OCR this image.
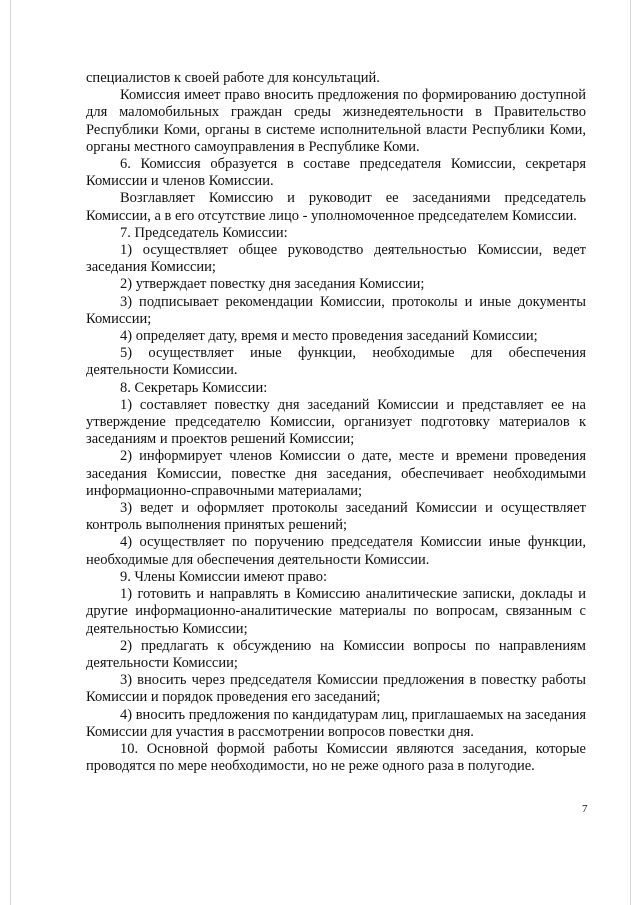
специалистов к своей работе для консультаций.

Комиссия имеет право вносить предложения по формированию доступной для маломобильных граждан среды жизнедеятельности в Правительство Республики Коми, органы в системе исполнительной власти Республики Коми, органы местного самоуправления в Республике Коми.

6. Комиссия образуется в составе председателя Комиссии, секретаря Комиссии и членов Комиссии.

Возглавляет Комиссию и руководит ее заседаниями председатель Комиссии, а в его отсутствие лицо - уполномоченное председателем Комиссии.

7. Председатель Комиссии:

1) осуществляет общее руководство деятельностью Комиссии, ведет заседания Комиссии;

2) утверждает повестку дня заседания Комиссии;

3) подписывает рекомендации Комиссии, протоколы и иные документы Комиссии;

4) определяет дату, время и место проведения заседаний Комиссии;

5) осуществляет иные функции, необходимые для обеспечения деятельности Комиссии.

8. Секретарь Комиссии:

1) составляет повестку дня заседаний Комиссии и представляет ее на утверждение председателю Комиссии, организует подготовку материалов к заседаниям и проектов решений Комиссии;

2) информирует членов Комиссии о дате, месте и времени проведения заседания Комиссии, повестке дня заседания, обеспечивает необходимыми информационно-справочными материалами;

3) ведет и оформляет протоколы заседаний Комиссии и осуществляет контроль выполнения принятых решений;

4) осуществляет по поручению председателя Комиссии иные функции, необходимые для обеспечения деятельности Комиссии.

9. Члены Комиссии имеют право:

1) готовить и направлять в Комиссию аналитические записки, доклады и другие информационно-аналитические материалы по вопросам, связанным с деятельностью Комиссии;

2) предлагать к обсуждению на Комиссии вопросы по направлениям деятельности Комиссии;

3) вносить через председателя Комиссии предложения в повестку работы Комиссии и порядок проведения его заседаний;

4) вносить предложения по кандидатурам лиц, приглашаемых на заседания Комиссии для участия в рассмотрении вопросов повестки дня.

10. Основной формой работы Комиссии являются заседания, которые проводятся по мере необходимости, но не реже одного раза в полугодие.

7
